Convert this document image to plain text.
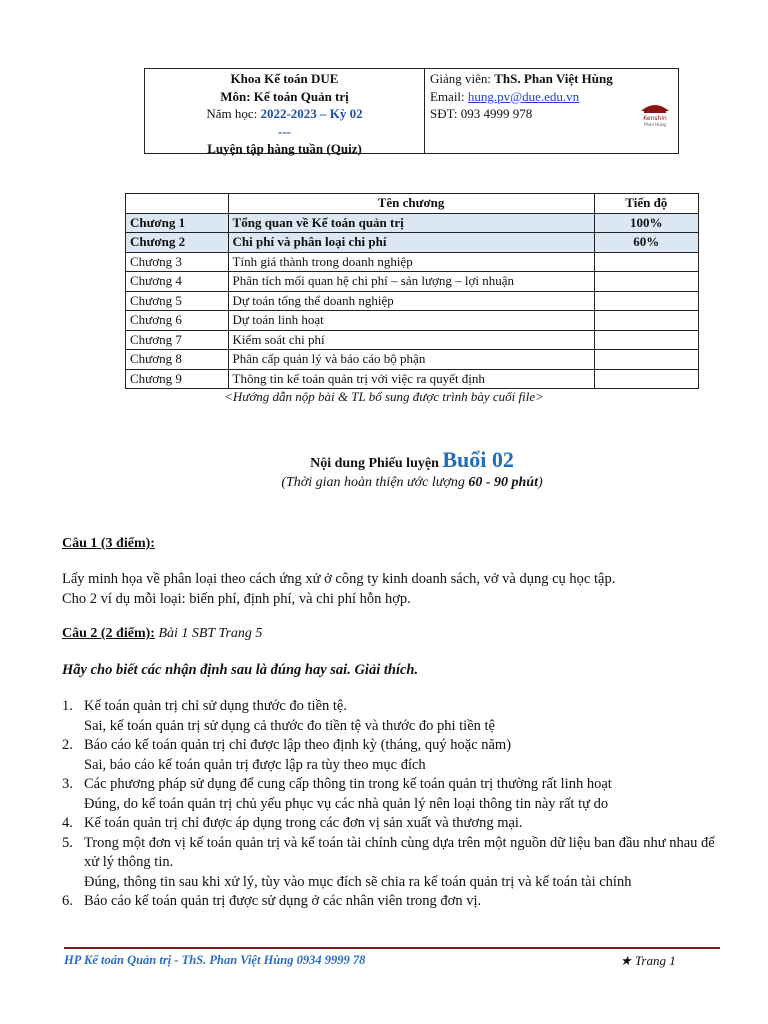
Khoa Kế toán DUE
Môn: Kế toán Quản trị
Năm học: 2022-2023 – Kỳ 02
---
Luyện tập hàng tuần (Quiz)
Giảng viên: ThS. Phan Việt Hùng
Email: hung.pv@due.edu.vn
SĐT: 093 4999 978	Kenshin
Phan Hùng
	Tên chương	Tiến độ
Chương 1	Tổng quan về Kế toán quản trị	100%
Chương 2	Chi phí và phân loại chi phí	60%
Chương 3	Tính giá thành trong doanh nghiệp	
Chương 4	Phân tích mối quan hệ chi phí – sản lượng – lợi nhuận	
Chương 5	Dự toán tổng thể doanh nghiệp	
Chương 6	Dự toán linh hoạt	
Chương 7	Kiểm soát chi phí	
Chương 8	Phân cấp quản lý và báo cáo bộ phận	
Chương 9	Thông tin kế toán quản trị với việc ra quyết định	
<Hướng dẫn nộp bài & TL bổ sung được trình bày cuối file>
Nội dung Phiếu luyện Buổi 02
(Thời gian hoàn thiện ước lượng 60 - 90 phút)
Câu 1 (3 điểm):
Lấy minh họa về phân loại theo cách ứng xử ở công ty kinh doanh sách, vở và dụng cụ học tập.
Cho 2 ví dụ mỗi loại: biến phí, định phí, và chi phí hỗn hợp.
Câu 2 (2 điểm): Bài 1 SBT Trang 5
Hãy cho biết các nhận định sau là đúng hay sai. Giải thích.
1. Kế toán quản trị chỉ sử dụng thước đo tiền tệ.
Sai, kế toán quản trị sử dụng cả thước đo tiền tệ và thước đo phi tiền tệ
2. Báo cáo kế toán quản trị chỉ được lập theo định kỳ (tháng, quý hoặc năm)
Sai, báo cáo kế toán quản trị được lập ra tùy theo mục đích
3. Các phương pháp sử dụng để cung cấp thông tin trong kế toán quản trị thường rất linh hoạt
Đúng, do kế toán quản trị chủ yếu phục vụ các nhà quản lý nên loại thông tin này rất tự do
4. Kế toán quản trị chỉ được áp dụng trong các đơn vị sản xuất và thương mại.
5. Trong một đơn vị kế toán quản trị và kế toán tài chính cùng dựa trên một nguồn dữ liệu ban đầu như nhau để xử lý thông tin.
Đúng, thông tin sau khi xử lý, tùy vào mục đích sẽ chia ra kế toán quản trị và kế toán tài chính
6. Báo cáo kế toán quản trị được sử dụng ở các nhân viên trong đơn vị.
HP Kế toán Quản trị - ThS. Phan Việt Hùng 0934 9999 78	★ Trang 1
